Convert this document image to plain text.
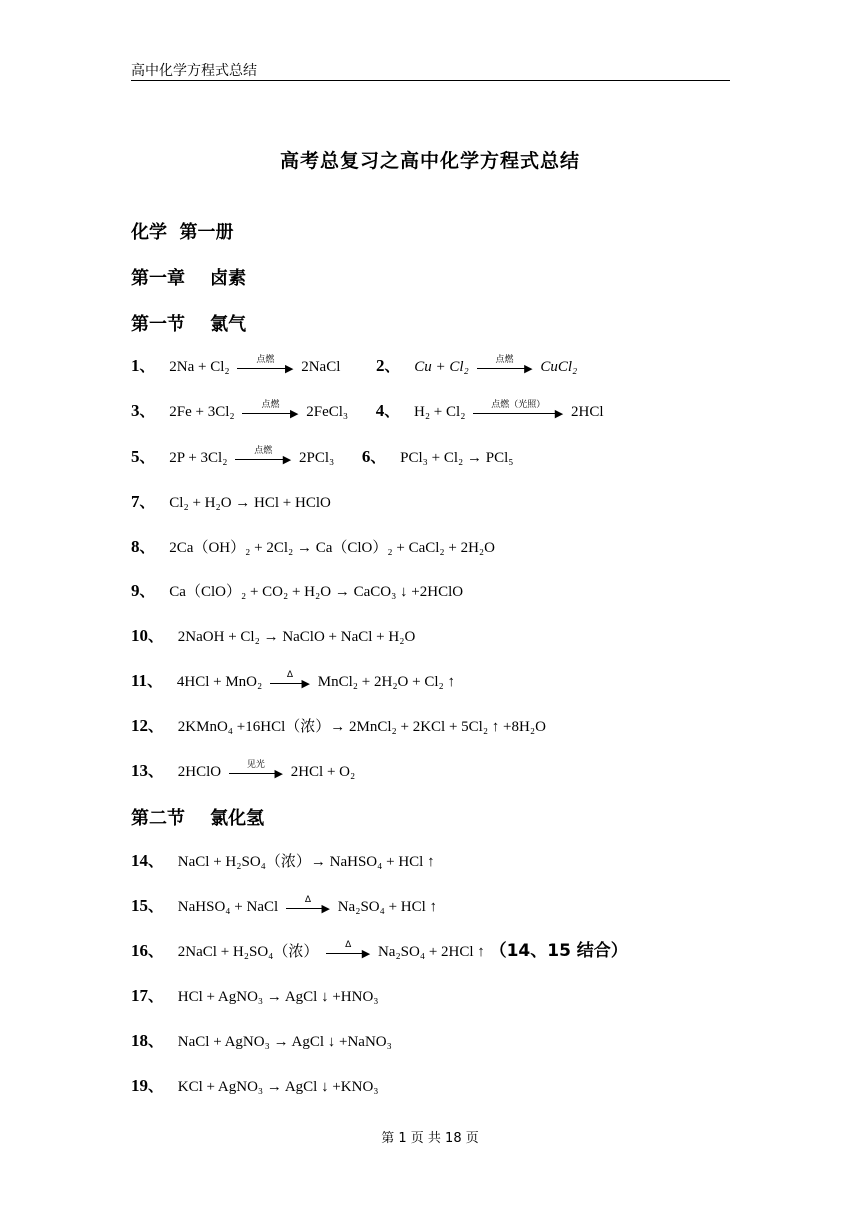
高中化学方程式总结
高考总复习之高中化学方程式总结
化学  第一册
第一章    卤素
第一节    氯气
1、 2Na + Cl₂	点燃
▶ 2NaCl 2、 Cu + Cl₂	点燃
▶ CuCl₂
3、 2Fe + 3Cl₂	点燃
▶ 2FeCl₃ 4、 H₂ + Cl₂	点燃（光照）
▶ 2HCl
5、 2P + 3Cl₂	点燃
▶ 2PCl₃ 6、 PCl₃ + Cl₂ → PCl₅
7、 Cl₂ + H₂O → HCl + HClO
8、 2Ca（OH）₂ + 2Cl₂ → Ca（ClO）₂ + CaCl₂ + 2H₂O
9、 Ca（ClO）₂ + CO₂ + H₂O → CaCO₃ ↓ +2HClO
10、 2NaOH + Cl₂ → NaClO + NaCl + H₂O
11、 4HCl + MnO₂	Δ
▶ MnCl₂ + 2H₂O + Cl₂ ↑
12、 2KMnO₄ +16HCl（浓）→ 2MnCl₂ + 2KCl + 5Cl₂ ↑ +8H₂O
13、 2HClO	见光
▶ 2HCl + O₂
第二节    氯化氢
14、 NaCl + H₂SO₄（浓）→ NaHSO₄ + HCl ↑
15、 NaHSO₄ + NaCl	Δ
▶ Na₂SO₄ + HCl ↑
16、 2NaCl + H₂SO₄（浓）	Δ
▶ Na₂SO₄ + 2HCl ↑ （14、15 结合）
17、 HCl + AgNO₃ → AgCl ↓ +HNO₃
18、 NaCl + AgNO₃ → AgCl ↓ +NaNO₃
19、 KCl + AgNO₃ → AgCl ↓ +KNO₃
第 1 页 共 18 页
